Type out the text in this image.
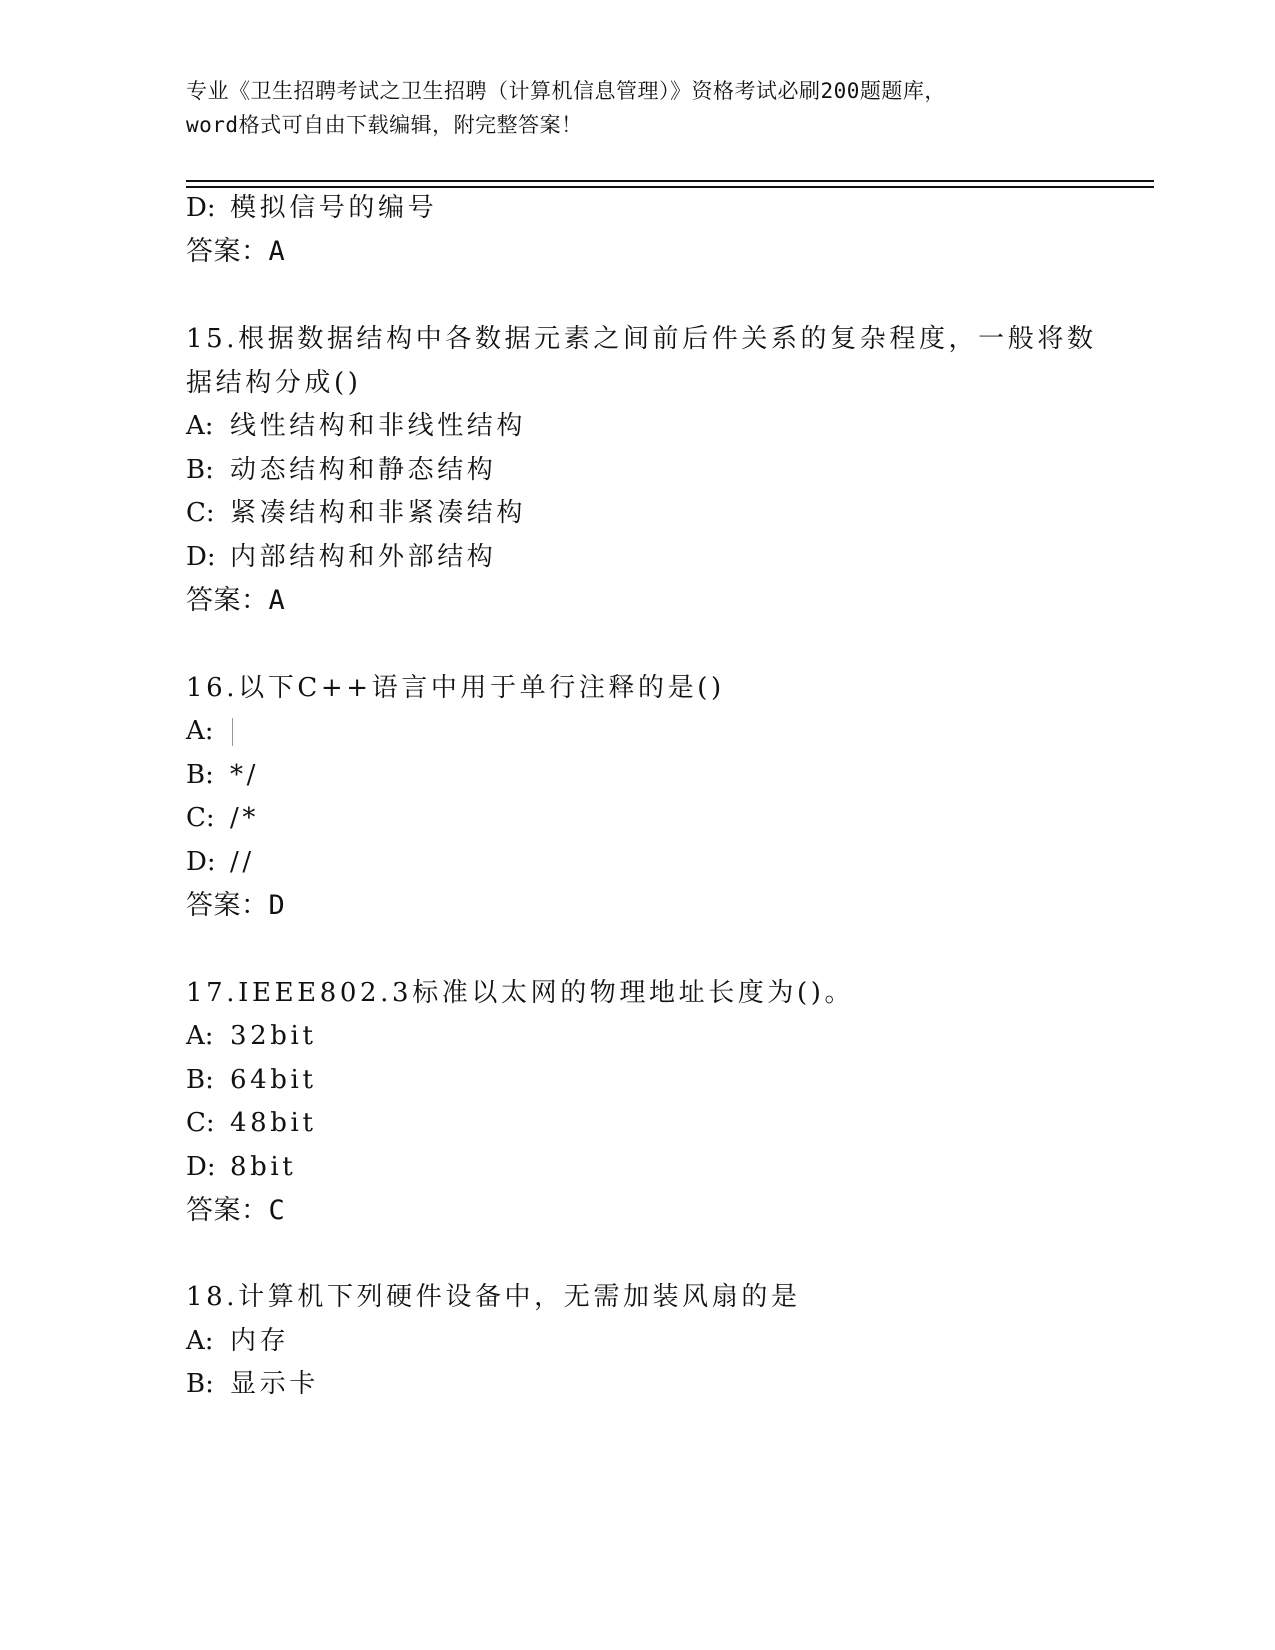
专业《卫生招聘考试之卫生招聘（计算机信息管理）》资格考试必刷200题题库，
word格式可自由下载编辑，附完整答案！
D: 模拟信号的编号
答案：A
15.根据数据结构中各数据元素之间前后件关系的复杂程度，一般将数
据结构分成()
A: 线性结构和非线性结构
B: 动态结构和静态结构
C: 紧凑结构和非紧凑结构
D: 内部结构和外部结构
答案：A
16.以下C++语言中用于单行注释的是()
A:
B: */
C: /*
D: //
答案：D
17.IEEE802.3标准以太网的物理地址长度为()。
A: 32bit
B: 64bit
C: 48bit
D: 8bit
答案：C
18.计算机下列硬件设备中，无需加装风扇的是
A: 内存
B: 显示卡
